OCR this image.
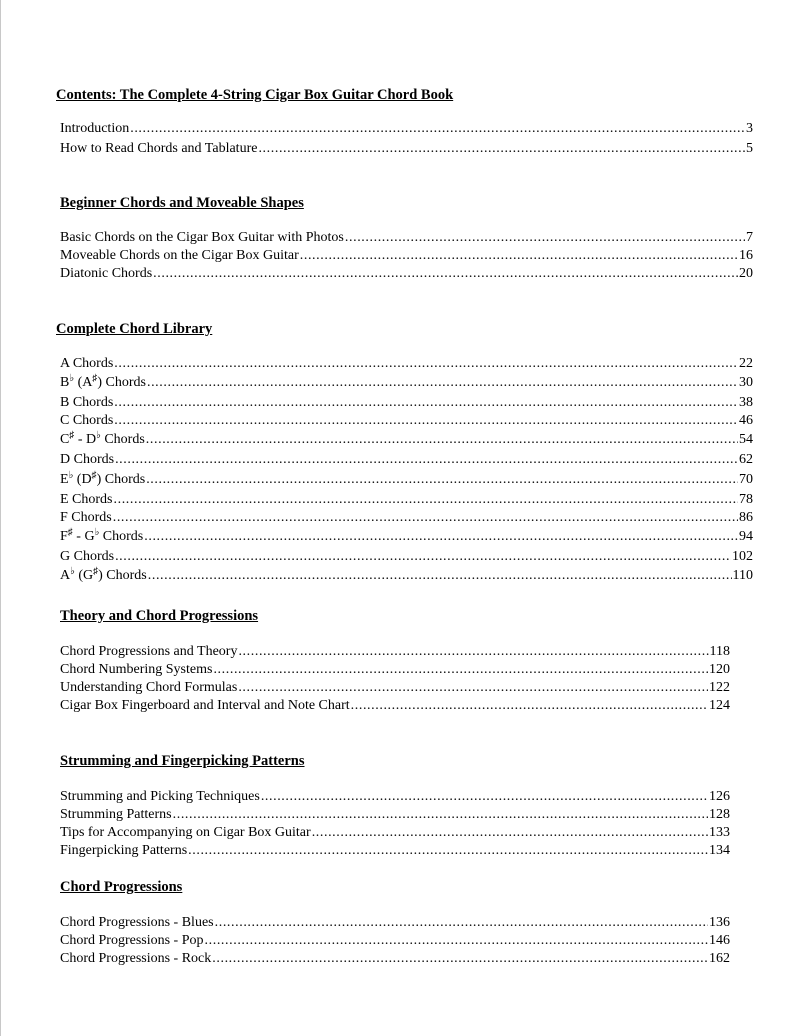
Contents: The Complete 4-String Cigar Box Guitar Chord Book
Introduction .....	3
How to Read Chords and Tablature .....	5
Beginner Chords and Moveable Shapes
Basic Chords on the Cigar Box Guitar with Photos .....	7
Moveable Chords on the Cigar Box Guitar .....	16
Diatonic Chords .....	20
Complete Chord Library
A Chords .....	22
B♭ (A♯) Chords .....	30
B Chords .....	38
C Chords .....	46
C♯ - D♭ Chords .....	54
D Chords .....	62
E♭ (D♯) Chords .....	70
E Chords .....	78
F Chords .....	86
F♯ - G♭ Chords .....	94
G Chords .....	102
A♭ (G♯) Chords .....	110
Theory and Chord Progressions
Chord Progressions and Theory .....	118
Chord Numbering Systems .....	120
Understanding Chord Formulas .....	122
Cigar Box Fingerboard and Interval and Note Chart .....	124
Strumming and Fingerpicking Patterns
Strumming and Picking Techniques .....	126
Strumming Patterns .....	128
Tips for Accompanying on Cigar Box Guitar .....	133
Fingerpicking Patterns .....	134
Chord Progressions
Chord Progressions - Blues .....	136
Chord Progressions - Pop .....	146
Chord Progressions - Rock .....	162
